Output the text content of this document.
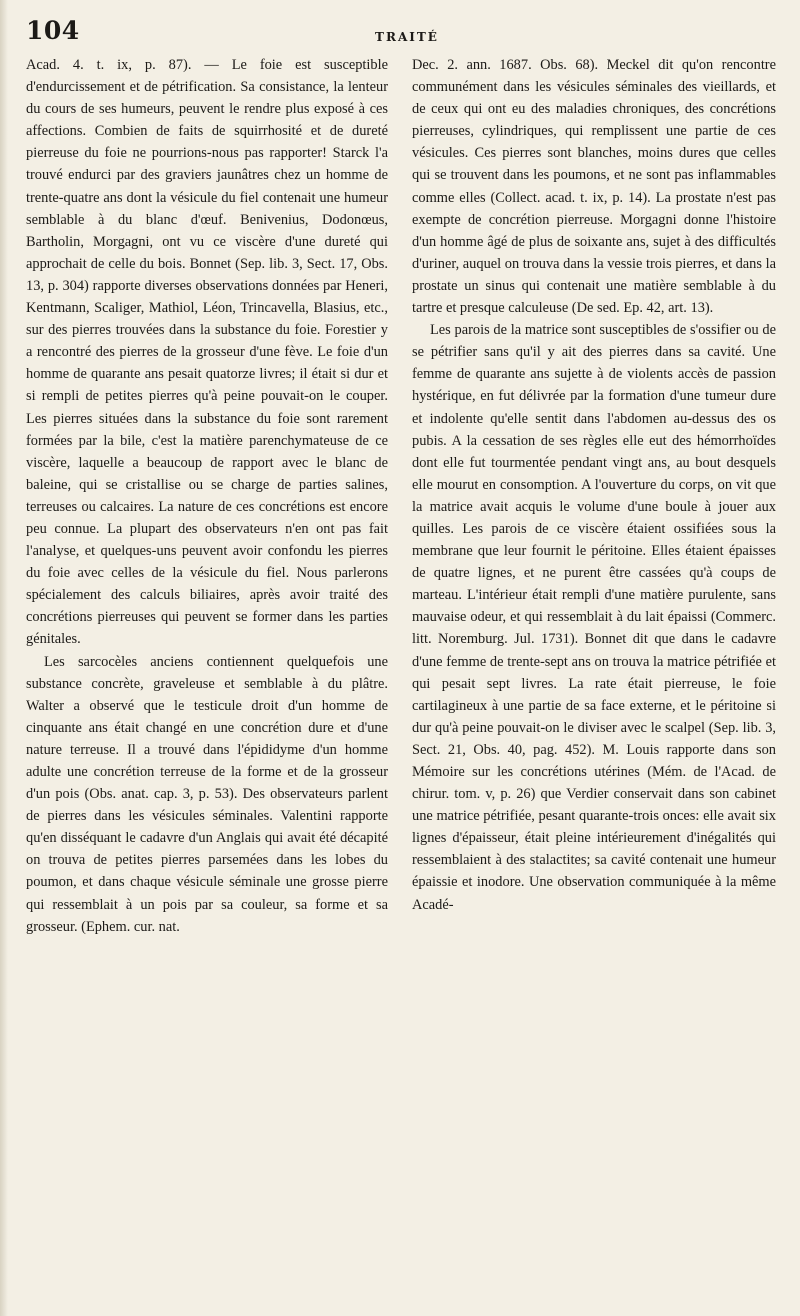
104	TRAITÉ

Acad. 4. t. ix, p. 87). — Le foie est susceptible d'endurcissement et de pétrification. Sa consistance, la lenteur du cours de ses humeurs, peuvent le rendre plus exposé à ces affections. Combien de faits de squirrhosité et de dureté pierreuse du foie ne pourrions-nous pas rapporter! Starck l'a trouvé endurci par des graviers jaunâtres chez un homme de trente-quatre ans dont la vésicule du fiel contenait une humeur semblable à du blanc d'œuf. Benivenius, Dodonœus, Bartholin, Morgagni, ont vu ce viscère d'une dureté qui approchait de celle du bois. Bonnet (Sep. lib. 3, Sect. 17, Obs. 13, p. 304) rapporte diverses observations données par Heneri, Kentmann, Scaliger, Mathiol, Léon, Trincavella, Blasius, etc., sur des pierres trouvées dans la substance du foie. Forestier y a rencontré des pierres de la grosseur d'une fève. Le foie d'un homme de quarante ans pesait quatorze livres; il était si dur et si rempli de petites pierres qu'à peine pouvait-on le couper. Les pierres situées dans la substance du foie sont rarement formées par la bile, c'est la matière parenchymateuse de ce viscère, laquelle a beaucoup de rapport avec le blanc de baleine, qui se cristallise ou se charge de parties salines, terreuses ou calcaires. La nature de ces concrétions est encore peu connue. La plupart des observateurs n'en ont pas fait l'analyse, et quelques-uns peuvent avoir confondu les pierres du foie avec celles de la vésicule du fiel. Nous parlerons spécialement des calculs biliaires, après avoir traité des concrétions pierreuses qui peuvent se former dans les parties génitales.

Les sarcocèles anciens contiennent quelquefois une substance concrète, graveleuse et semblable à du plâtre. Walter a observé que le testicule droit d'un homme de cinquante ans était changé en une concrétion dure et d'une nature terreuse. Il a trouvé dans l'épididyme d'un homme adulte une concrétion terreuse de la forme et de la grosseur d'un pois (Obs. anat. cap. 3, p. 53). Des observateurs parlent de pierres dans les vésicules séminales. Valentini rapporte qu'en disséquant le cadavre d'un Anglais qui avait été décapité on trouva de petites pierres parsemées dans les lobes du poumon, et dans chaque vésicule séminale une grosse pierre qui ressemblait à un pois par sa couleur, sa forme et sa grosseur. (Ephem. cur. nat.

Dec. 2. ann. 1687. Obs. 68). Meckel dit qu'on rencontre communément dans les vésicules séminales des vieillards, et de ceux qui ont eu des maladies chroniques, des concrétions pierreuses, cylindriques, qui remplissent une partie de ces vésicules. Ces pierres sont blanches, moins dures que celles qui se trouvent dans les poumons, et ne sont pas inflammables comme elles (Collect. acad. t. ix, p. 14). La prostate n'est pas exempte de concrétion pierreuse. Morgagni donne l'histoire d'un homme âgé de plus de soixante ans, sujet à des difficultés d'uriner, auquel on trouva dans la vessie trois pierres, et dans la prostate un sinus qui contenait une matière semblable à du tartre et presque calculeuse (De sed. Ep. 42, art. 13).

Les parois de la matrice sont susceptibles de s'ossifier ou de se pétrifier sans qu'il y ait des pierres dans sa cavité. Une femme de quarante ans sujette à de violents accès de passion hystérique, en fut délivrée par la formation d'une tumeur dure et indolente qu'elle sentit dans l'abdomen au-dessus des os pubis. A la cessation de ses règles elle eut des hémorrhoïdes dont elle fut tourmentée pendant vingt ans, au bout desquels elle mourut en consomption. A l'ouverture du corps, on vit que la matrice avait acquis le volume d'une boule à jouer aux quilles. Les parois de ce viscère étaient ossifiées sous la membrane que leur fournit le péritoine. Elles étaient épaisses de quatre lignes, et ne purent être cassées qu'à coups de marteau. L'intérieur était rempli d'une matière purulente, sans mauvaise odeur, et qui ressemblait à du lait épaissi (Commerc. litt. Noremburg. Jul. 1731). Bonnet dit que dans le cadavre d'une femme de trente-sept ans on trouva la matrice pétrifiée et qui pesait sept livres. La rate était pierreuse, le foie cartilagineux à une partie de sa face externe, et le péritoine si dur qu'à peine pouvait-on le diviser avec le scalpel (Sep. lib. 3, Sect. 21, Obs. 40, pag. 452). M. Louis rapporte dans son Mémoire sur les concrétions utérines (Mém. de l'Acad. de chirur. tom. v, p. 26) que Verdier conservait dans son cabinet une matrice pétrifiée, pesant quarante-trois onces: elle avait six lignes d'épaisseur, était pleine intérieurement d'inégalités qui ressemblaient à des stalactites; sa cavité contenait une humeur épaissie et inodore. Une observation communiquée à la même Acadé-
